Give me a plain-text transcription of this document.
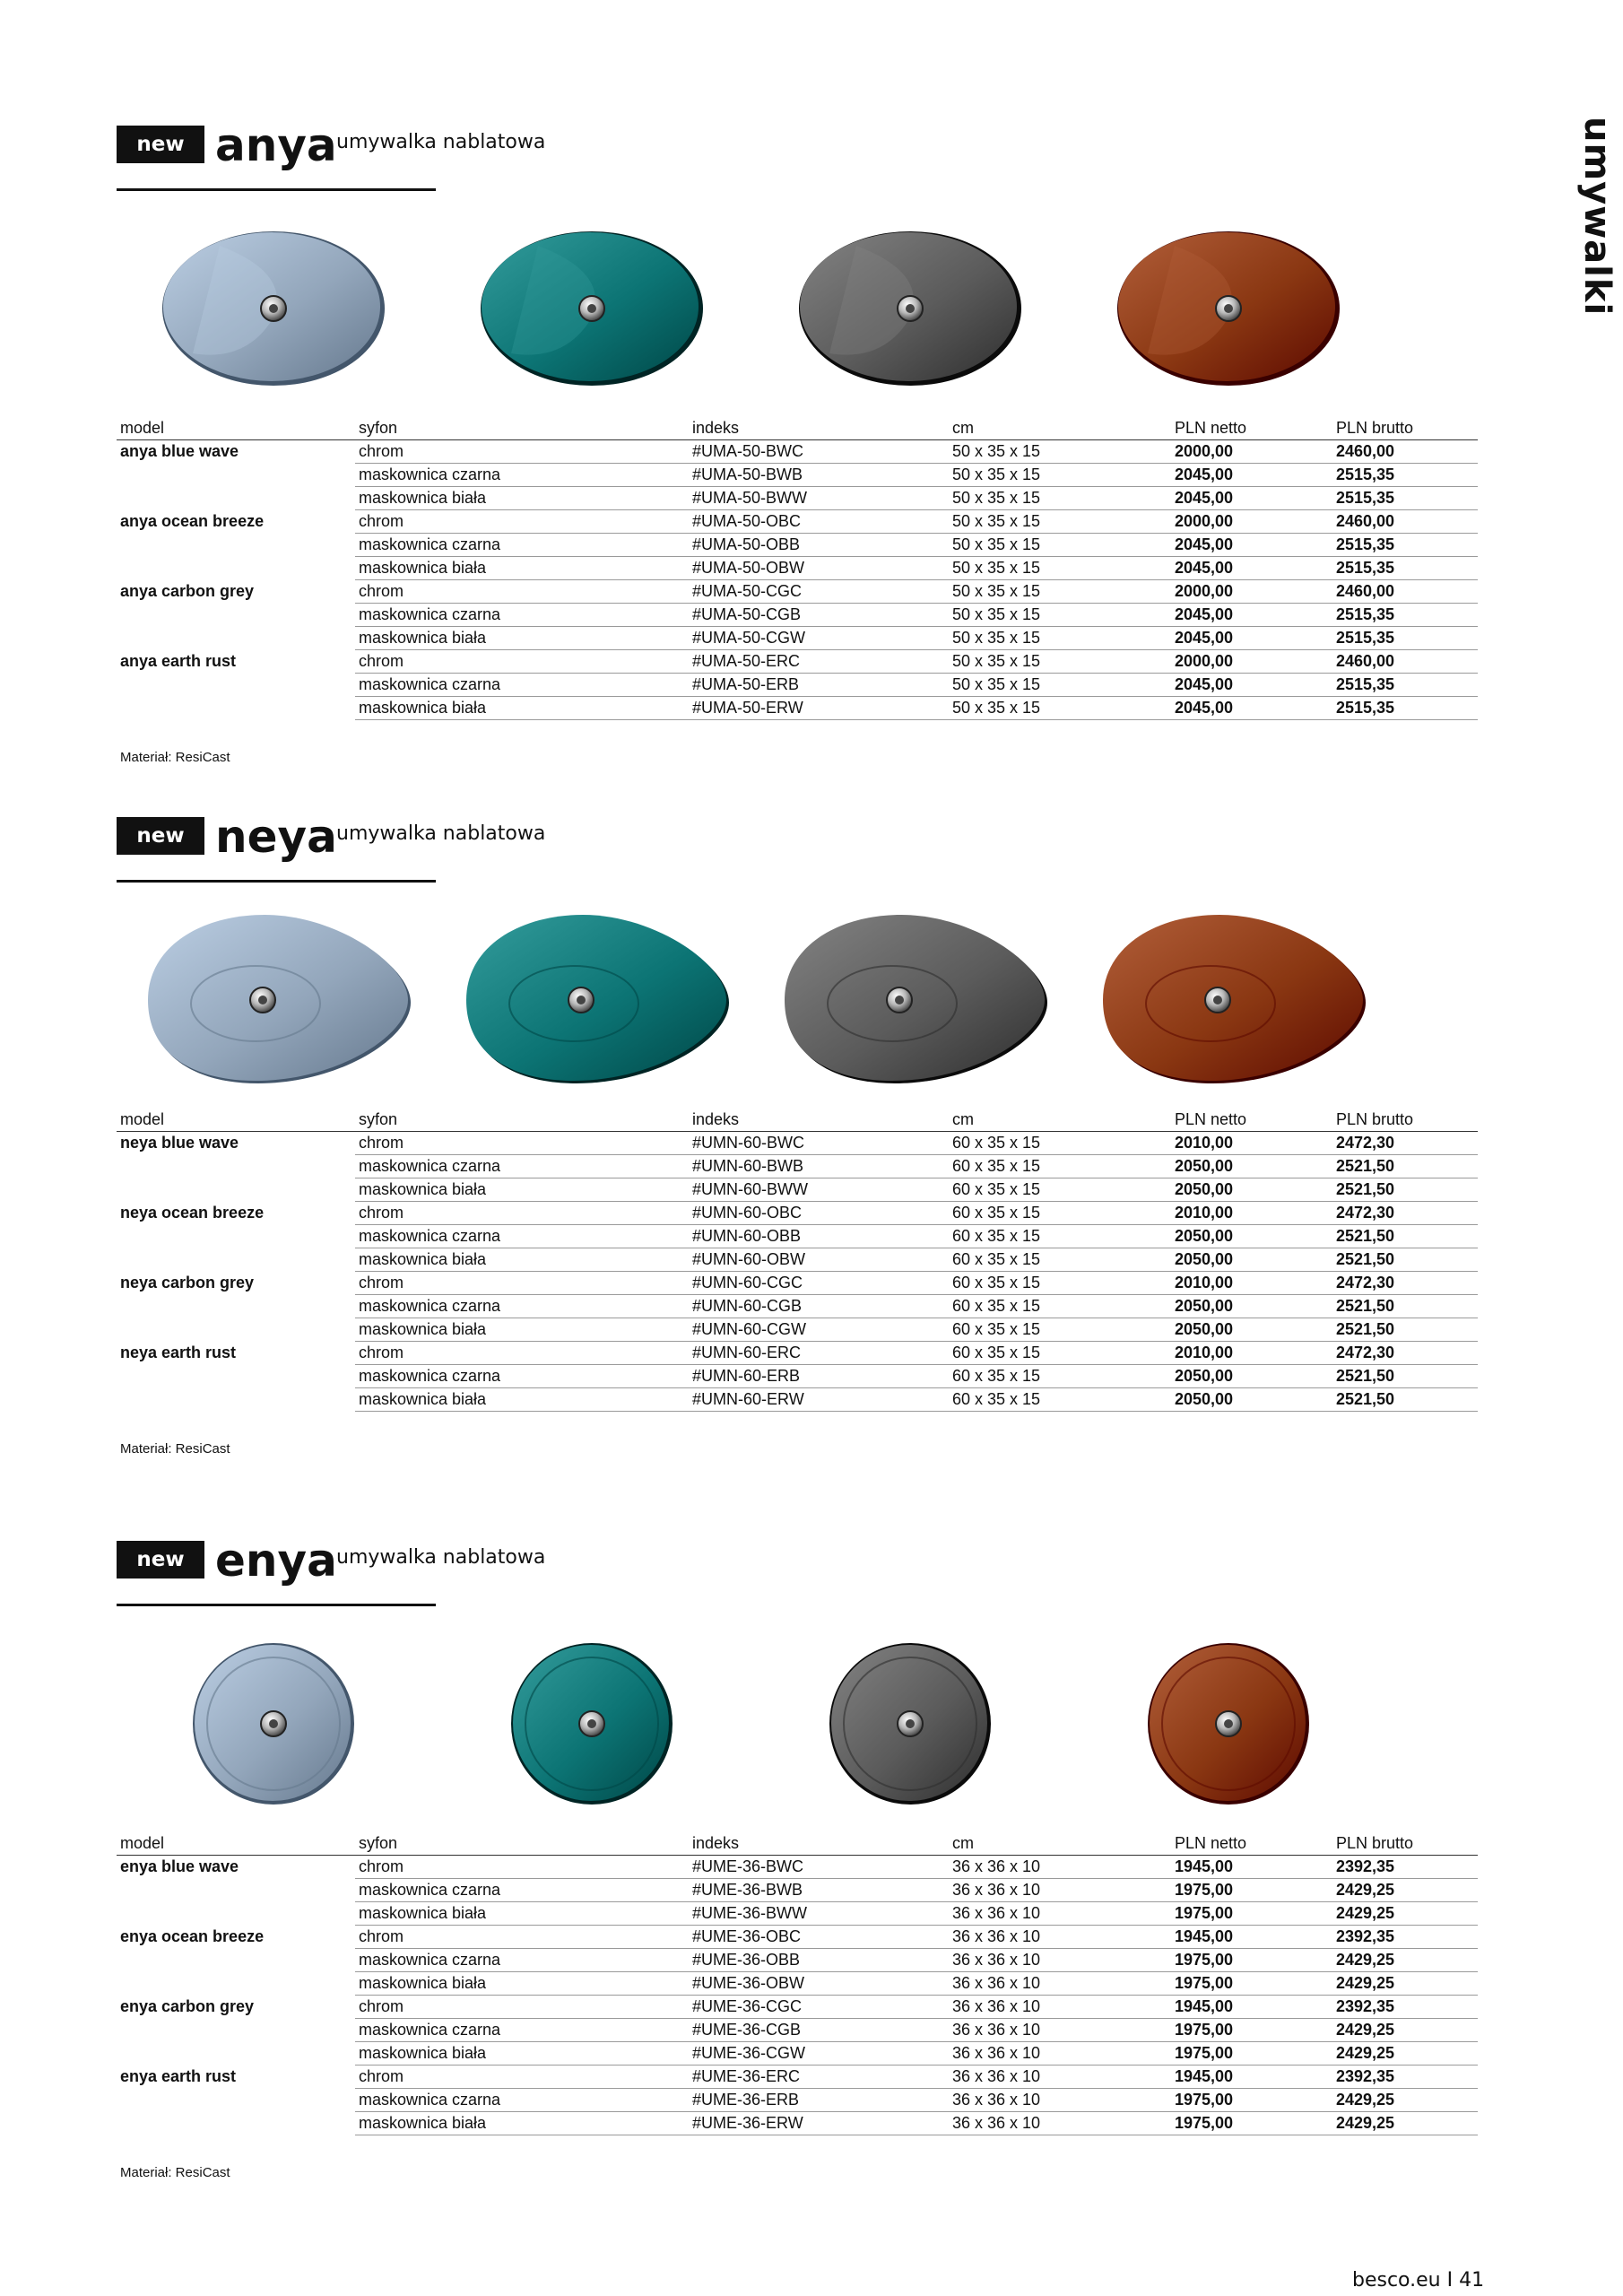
umywalki
new anya umywalka nablatowa
model	syfon	indeks	cm	PLN netto	PLN brutto
anya blue wave	chrom	#UMA-50-BWC	50 x 35 x 15	2000,00	2460,00
	maskownica czarna	#UMA-50-BWB	50 x 35 x 15	2045,00	2515,35
	maskownica biała	#UMA-50-BWW	50 x 35 x 15	2045,00	2515,35
anya ocean breeze	chrom	#UMA-50-OBC	50 x 35 x 15	2000,00	2460,00
	maskownica czarna	#UMA-50-OBB	50 x 35 x 15	2045,00	2515,35
	maskownica biała	#UMA-50-OBW	50 x 35 x 15	2045,00	2515,35
anya carbon grey	chrom	#UMA-50-CGC	50 x 35 x 15	2000,00	2460,00
	maskownica czarna	#UMA-50-CGB	50 x 35 x 15	2045,00	2515,35
	maskownica biała	#UMA-50-CGW	50 x 35 x 15	2045,00	2515,35
anya earth rust	chrom	#UMA-50-ERC	50 x 35 x 15	2000,00	2460,00
	maskownica czarna	#UMA-50-ERB	50 x 35 x 15	2045,00	2515,35
	maskownica biała	#UMA-50-ERW	50 x 35 x 15	2045,00	2515,35
Materiał: ResiCast
new neya umywalka nablatowa
model	syfon	indeks	cm	PLN netto	PLN brutto
neya blue wave	chrom	#UMN-60-BWC	60 x 35 x 15	2010,00	2472,30
	maskownica czarna	#UMN-60-BWB	60 x 35 x 15	2050,00	2521,50
	maskownica biała	#UMN-60-BWW	60 x 35 x 15	2050,00	2521,50
neya ocean breeze	chrom	#UMN-60-OBC	60 x 35 x 15	2010,00	2472,30
	maskownica czarna	#UMN-60-OBB	60 x 35 x 15	2050,00	2521,50
	maskownica biała	#UMN-60-OBW	60 x 35 x 15	2050,00	2521,50
neya carbon grey	chrom	#UMN-60-CGC	60 x 35 x 15	2010,00	2472,30
	maskownica czarna	#UMN-60-CGB	60 x 35 x 15	2050,00	2521,50
	maskownica biała	#UMN-60-CGW	60 x 35 x 15	2050,00	2521,50
neya earth rust	chrom	#UMN-60-ERC	60 x 35 x 15	2010,00	2472,30
	maskownica czarna	#UMN-60-ERB	60 x 35 x 15	2050,00	2521,50
	maskownica biała	#UMN-60-ERW	60 x 35 x 15	2050,00	2521,50
Materiał: ResiCast
new enya umywalka nablatowa
model	syfon	indeks	cm	PLN netto	PLN brutto
enya blue wave	chrom	#UME-36-BWC	36 x 36 x 10	1945,00	2392,35
	maskownica czarna	#UME-36-BWB	36 x 36 x 10	1975,00	2429,25
	maskownica biała	#UME-36-BWW	36 x 36 x 10	1975,00	2429,25
enya ocean breeze	chrom	#UME-36-OBC	36 x 36 x 10	1945,00	2392,35
	maskownica czarna	#UME-36-OBB	36 x 36 x 10	1975,00	2429,25
	maskownica biała	#UME-36-OBW	36 x 36 x 10	1975,00	2429,25
enya carbon grey	chrom	#UME-36-CGC	36 x 36 x 10	1945,00	2392,35
	maskownica czarna	#UME-36-CGB	36 x 36 x 10	1975,00	2429,25
	maskownica biała	#UME-36-CGW	36 x 36 x 10	1975,00	2429,25
enya earth rust	chrom	#UME-36-ERC	36 x 36 x 10	1945,00	2392,35
	maskownica czarna	#UME-36-ERB	36 x 36 x 10	1975,00	2429,25
	maskownica biała	#UME-36-ERW	36 x 36 x 10	1975,00	2429,25
Materiał: ResiCast
besco.eu I 41
